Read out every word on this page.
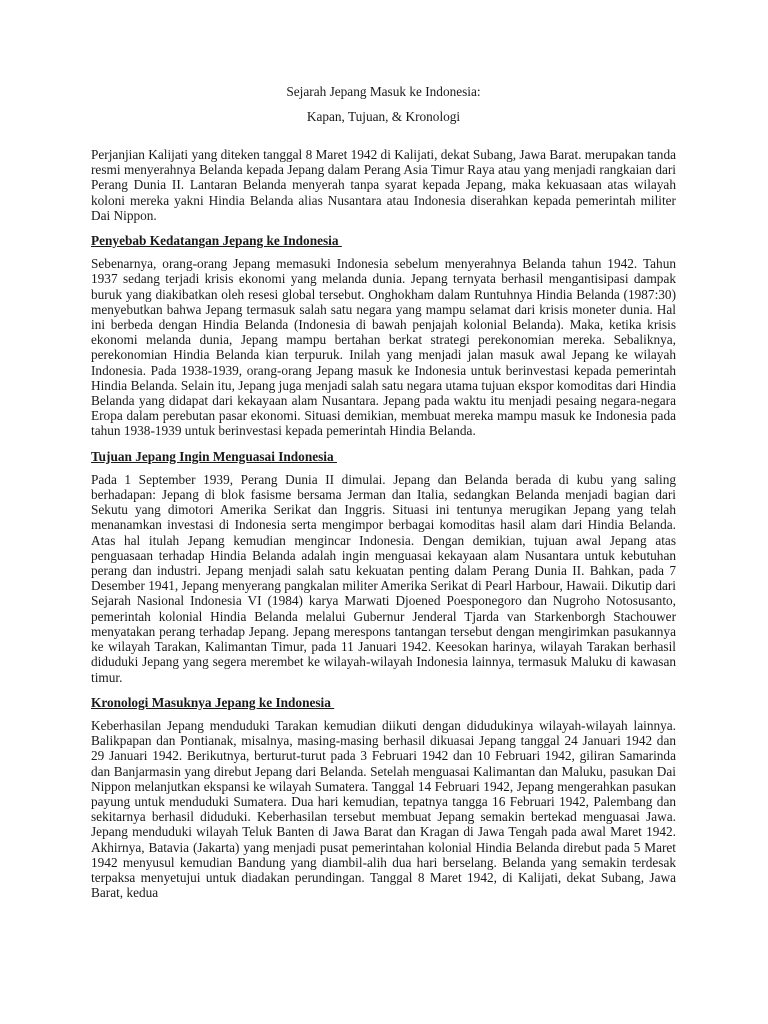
Sejarah Jepang Masuk ke Indonesia:

Kapan, Tujuan, & Kronologi

Perjanjian Kalijati yang diteken tanggal 8 Maret 1942 di Kalijati, dekat Subang, Jawa Barat. merupakan tanda resmi menyerahnya Belanda kepada Jepang dalam Perang Asia Timur Raya atau yang menjadi rangkaian dari Perang Dunia II. Lantaran Belanda menyerah tanpa syarat kepada Jepang, maka kekuasaan atas wilayah koloni mereka yakni Hindia Belanda alias Nusantara atau Indonesia diserahkan kepada pemerintah militer Dai Nippon.

Penyebab Kedatangan Jepang ke Indonesia

Sebenarnya, orang-orang Jepang memasuki Indonesia sebelum menyerahnya Belanda tahun 1942. Tahun 1937 sedang terjadi krisis ekonomi yang melanda dunia. Jepang ternyata berhasil mengantisipasi dampak buruk yang diakibatkan oleh resesi global tersebut. Onghokham dalam Runtuhnya Hindia Belanda (1987:30) menyebutkan bahwa Jepang termasuk salah satu negara yang mampu selamat dari krisis moneter dunia. Hal ini berbeda dengan Hindia Belanda (Indonesia di bawah penjajah kolonial Belanda). Maka, ketika krisis ekonomi melanda dunia, Jepang mampu bertahan berkat strategi perekonomian mereka. Sebaliknya, perekonomian Hindia Belanda kian terpuruk. Inilah yang menjadi jalan masuk awal Jepang ke wilayah Indonesia. Pada 1938-1939, orang-orang Jepang masuk ke Indonesia untuk berinvestasi kepada pemerintah Hindia Belanda. Selain itu, Jepang juga menjadi salah satu negara utama tujuan ekspor komoditas dari Hindia Belanda yang didapat dari kekayaan alam Nusantara. Jepang pada waktu itu menjadi pesaing negara-negara Eropa dalam perebutan pasar ekonomi. Situasi demikian, membuat mereka mampu masuk ke Indonesia pada tahun 1938-1939 untuk berinvestasi kepada pemerintah Hindia Belanda.

Tujuan Jepang Ingin Menguasai Indonesia

Pada 1 September 1939, Perang Dunia II dimulai. Jepang dan Belanda berada di kubu yang saling berhadapan: Jepang di blok fasisme bersama Jerman dan Italia, sedangkan Belanda menjadi bagian dari Sekutu yang dimotori Amerika Serikat dan Inggris. Situasi ini tentunya merugikan Jepang yang telah menanamkan investasi di Indonesia serta mengimpor berbagai komoditas hasil alam dari Hindia Belanda. Atas hal itulah Jepang kemudian mengincar Indonesia. Dengan demikian, tujuan awal Jepang atas penguasaan terhadap Hindia Belanda adalah ingin menguasai kekayaan alam Nusantara untuk kebutuhan perang dan industri. Jepang menjadi salah satu kekuatan penting dalam Perang Dunia II. Bahkan, pada 7 Desember 1941, Jepang menyerang pangkalan militer Amerika Serikat di Pearl Harbour, Hawaii. Dikutip dari Sejarah Nasional Indonesia VI (1984) karya Marwati Djoened Poesponegoro dan Nugroho Notosusanto, pemerintah kolonial Hindia Belanda melalui Gubernur Jenderal Tjarda van Starkenborgh Stachouwer menyatakan perang terhadap Jepang. Jepang merespons tantangan tersebut dengan mengirimkan pasukannya ke wilayah Tarakan, Kalimantan Timur, pada 11 Januari 1942. Keesokan harinya, wilayah Tarakan berhasil diduduki Jepang yang segera merembet ke wilayah-wilayah Indonesia lainnya, termasuk Maluku di kawasan timur.

Kronologi Masuknya Jepang ke Indonesia

Keberhasilan Jepang menduduki Tarakan kemudian diikuti dengan didudukinya wilayah-wilayah lainnya. Balikpapan dan Pontianak, misalnya, masing-masing berhasil dikuasai Jepang tanggal 24 Januari 1942 dan 29 Januari 1942. Berikutnya, berturut-turut pada 3 Februari 1942 dan 10 Februari 1942, giliran Samarinda dan Banjarmasin yang direbut Jepang dari Belanda. Setelah menguasai Kalimantan dan Maluku, pasukan Dai Nippon melanjutkan ekspansi ke wilayah Sumatera. Tanggal 14 Februari 1942, Jepang mengerahkan pasukan payung untuk menduduki Sumatera. Dua hari kemudian, tepatnya tangga 16 Februari 1942, Palembang dan sekitarnya berhasil diduduki. Keberhasilan tersebut membuat Jepang semakin bertekad menguasai Jawa. Jepang menduduki wilayah Teluk Banten di Jawa Barat dan Kragan di Jawa Tengah pada awal Maret 1942. Akhirnya, Batavia (Jakarta) yang menjadi pusat pemerintahan kolonial Hindia Belanda direbut pada 5 Maret 1942 menyusul kemudian Bandung yang diambil-alih dua hari berselang. Belanda yang semakin terdesak terpaksa menyetujui untuk diadakan perundingan. Tanggal 8 Maret 1942, di Kalijati, dekat Subang, Jawa Barat, kedua
